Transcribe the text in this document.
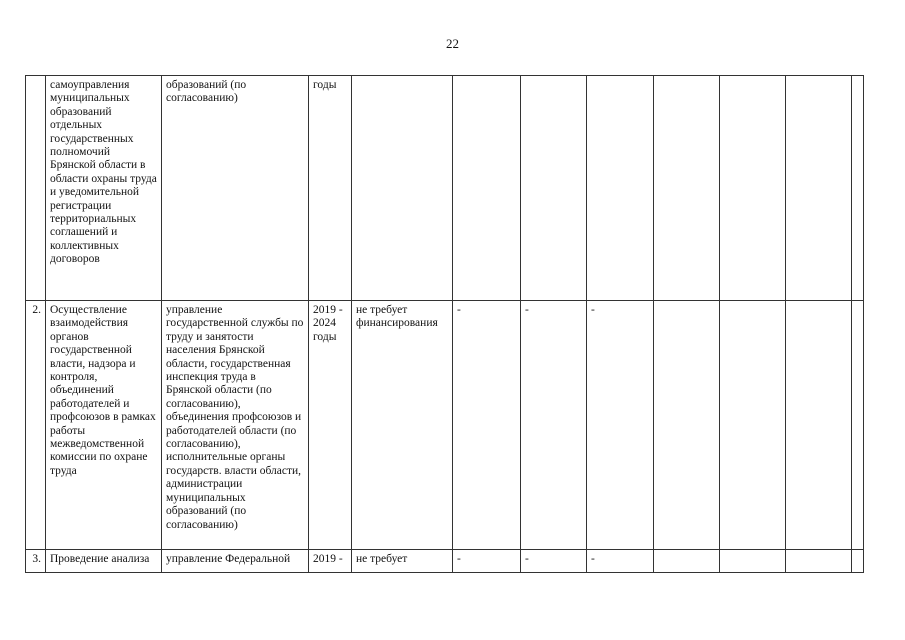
22
	самоуправления муниципальных образований отдельных государственных полномочий Брянской области в области охраны труда и уведомительной регистрации территориальных соглашений и коллективных договоров	образований (по согласованию)	годы								
2.	Осуществление взаимодействия органов государственной власти, надзора и контроля, объединений работодателей и профсоюзов в рамках работы межведомственной комиссии по охране труда	управление государственной службы по труду и занятости населения Брянской области, государственная инспекция труда в Брянской области (по согласованию), объединения профсоюзов и работодателей области (по согласованию), исполнительные органы государств. власти области, администрации муниципальных образований (по согласованию)	2019 - 2024 годы	не требует финансирования	-	-	-				
3.	Проведение анализа	управление Федеральной	2019 -	не требует	-	-	-				
